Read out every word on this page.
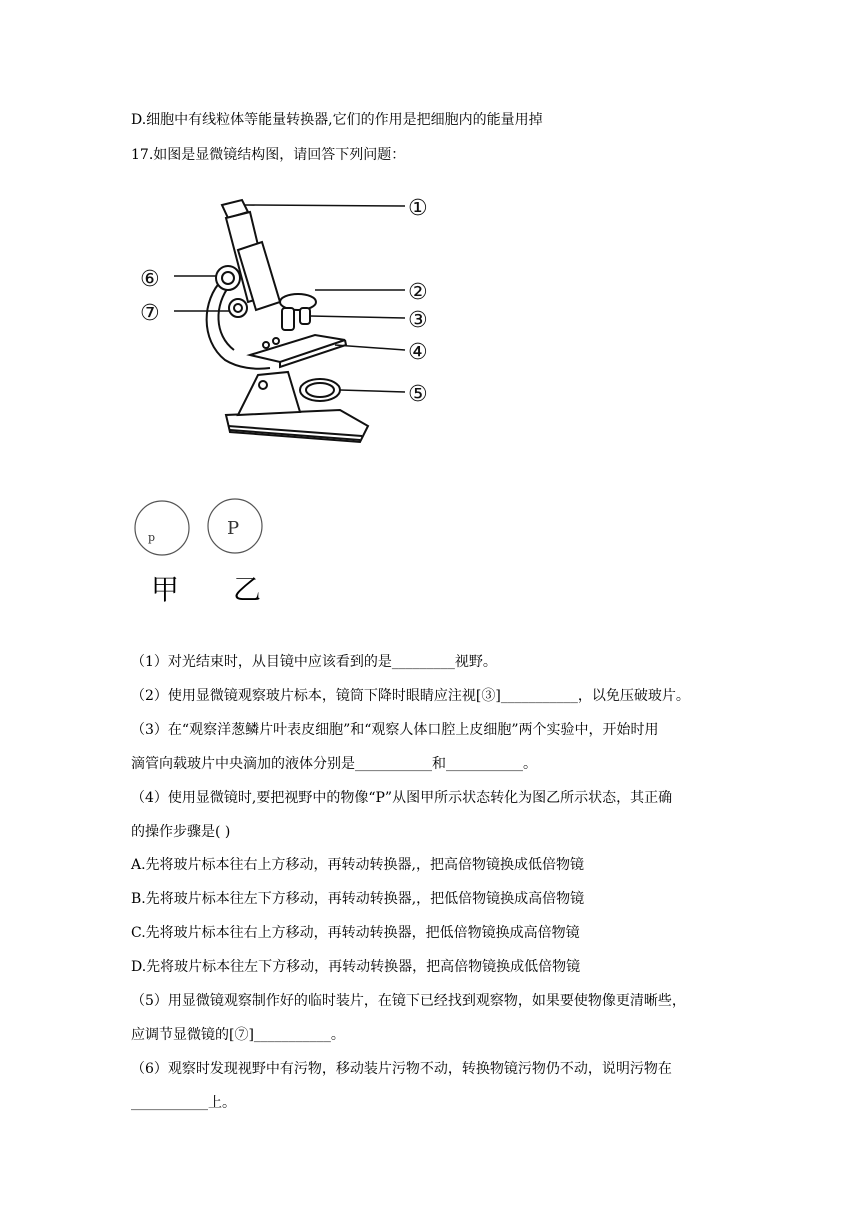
D.细胞中有线粒体等能量转换器,它们的作用是把细胞内的能量用掉
17.如图是显微镜结构图，请回答下列问题：
①
②
③
④
⑤
⑥
⑦
p	P
甲 乙
（1）对光结束时，从目镜中应该看到的是_________视野。
（2）使用显微镜观察玻片标本，镜筒下降时眼睛应注视[③]___________，以免压破玻片。
（3）在“观察洋葱鳞片叶表皮细胞”和“观察人体口腔上皮细胞”两个实验中，开始时用
滴管向载玻片中央滴加的液体分别是___________和___________。
（4）使用显微镜时,要把视野中的物像“P”从图甲所示状态转化为图乙所示状态，其正确
的操作步骤是( )
A.先将玻片标本往右上方移动，再转动转换器,，把高倍物镜换成低倍物镜
B.先将玻片标本往左下方移动，再转动转换器,，把低倍物镜换成高倍物镜
C.先将玻片标本往右上方移动，再转动转换器，把低倍物镜换成高倍物镜
D.先将玻片标本往左下方移动，再转动转换器，把高倍物镜换成低倍物镜
（5）用显微镜观察制作好的临时装片，在镜下已经找到观察物，如果要使物像更清晰些，
应调节显微镜的[⑦]___________。
（6）观察时发现视野中有污物，移动装片污物不动，转换物镜污物仍不动，说明污物在
___________上。
